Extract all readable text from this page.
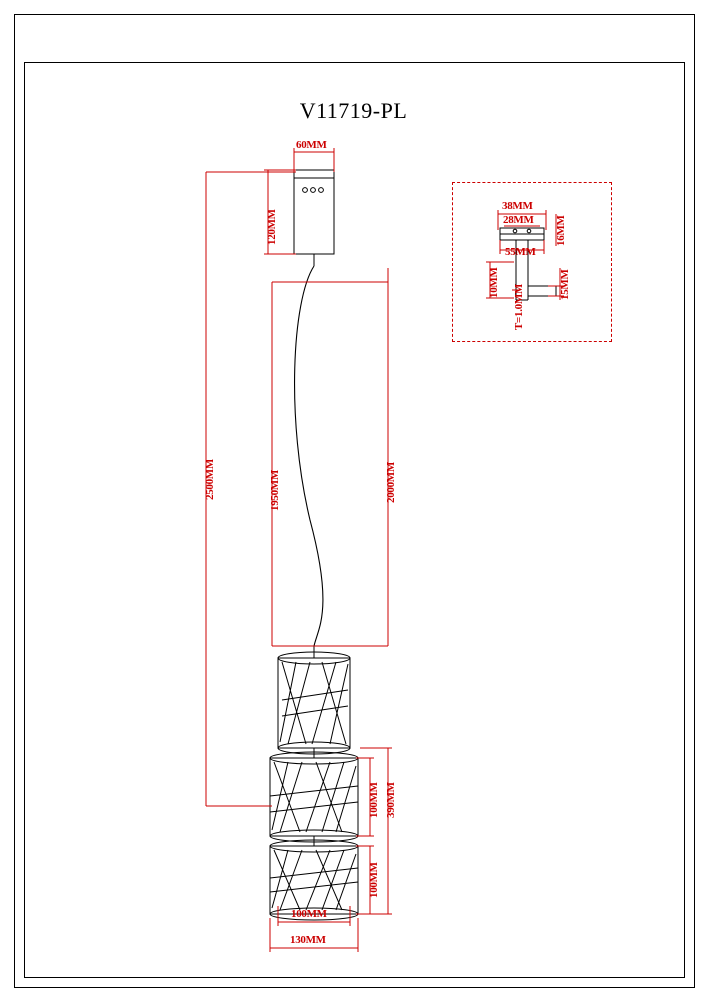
V11719-PL
60MM
120MM
2500MM	1950MM	2000MM
390MM
100MM
100MM
100MM
130MM
38MM
28MM
55MM
16MM
15MM
10MM
T=1.0MM
